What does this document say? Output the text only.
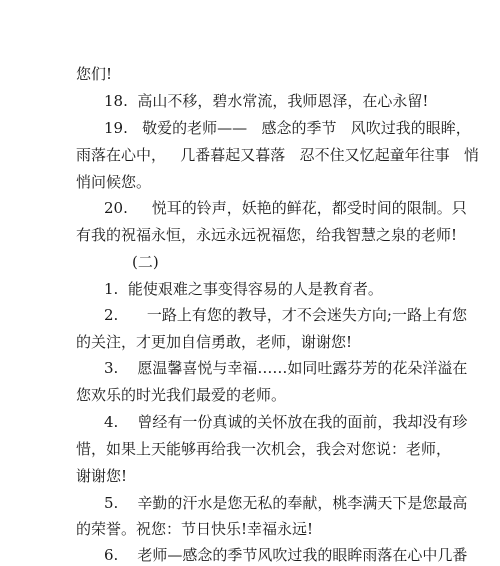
您们!
18.  高山不移，碧水常流，我师恩泽，在心永留!
19.   敬爱的老师——   感念的季节   风吹过我的眼眸，
雨落在心中，   几番暮起又暮落   忍不住又忆起童年往事   悄
悄问候您。
20.     悦耳的铃声，妖艳的鲜花，都受时间的限制。只
有我的祝福永恒，永远永远祝福您，给我智慧之泉的老师!
(二)
1.  能使艰难之事变得容易的人是教育者。
2.      一路上有您的教导，才不会迷失方向;一路上有您
的关注，才更加自信勇敢，老师，谢谢您!
3.    愿温馨喜悦与幸福……如同吐露芬芳的花朵洋溢在
您欢乐的时光我们最爱的老师。
4.    曾经有一份真诚的关怀放在我的面前，我却没有珍
惜，如果上天能够再给我一次机会，我会对您说：老师，
谢谢您!
5.    辛勤的汗水是您无私的奉献，桃李满天下是您最高
的荣誉。祝您：节日快乐!幸福永远!
6.    老师—感念的季节风吹过我的眼眸雨落在心中几番
